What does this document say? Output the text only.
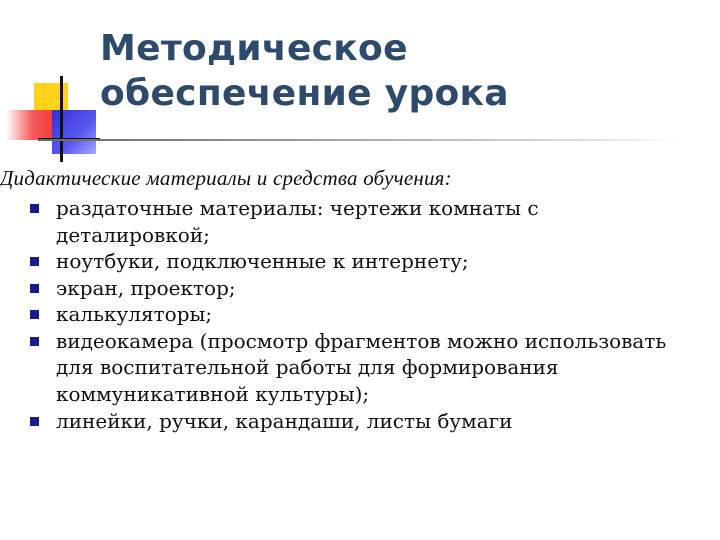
Методическое
обеспечение урока

Дидактические материалы и средства обучения:

раздаточные материалы: чертежи комнаты с деталировкой;
ноутбуки, подключенные к интернету;
экран, проектор;
калькуляторы;
видеокамера (просмотр фрагментов можно использовать для воспитательной работы для формирования коммуникативной культуры);
линейки, ручки, карандаши, листы бумаги
